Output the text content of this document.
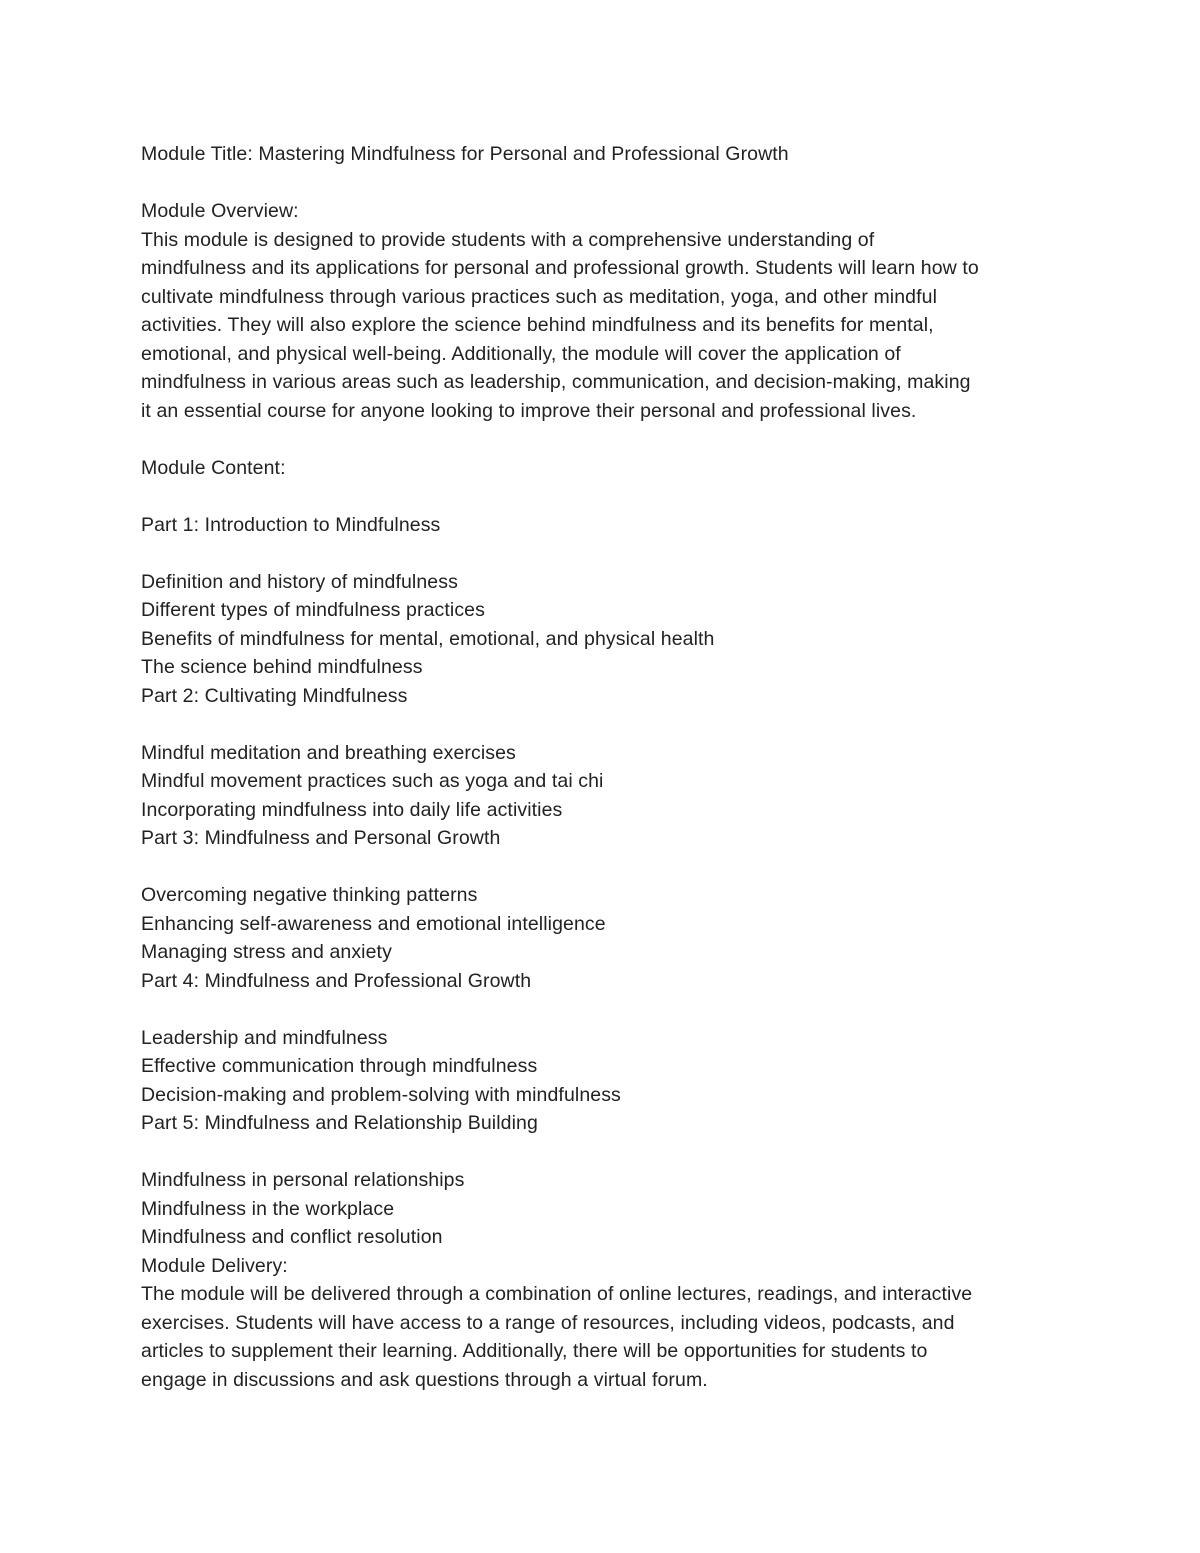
Module Title: Mastering Mindfulness for Personal and Professional Growth
Module Overview:
This module is designed to provide students with a comprehensive understanding of
mindfulness and its applications for personal and professional growth. Students will learn how to
cultivate mindfulness through various practices such as meditation, yoga, and other mindful
activities. They will also explore the science behind mindfulness and its benefits for mental,
emotional, and physical well-being. Additionally, the module will cover the application of
mindfulness in various areas such as leadership, communication, and decision-making, making
it an essential course for anyone looking to improve their personal and professional lives.
Module Content:
Part 1: Introduction to Mindfulness
Definition and history of mindfulness
Different types of mindfulness practices
Benefits of mindfulness for mental, emotional, and physical health
The science behind mindfulness
Part 2: Cultivating Mindfulness
Mindful meditation and breathing exercises
Mindful movement practices such as yoga and tai chi
Incorporating mindfulness into daily life activities
Part 3: Mindfulness and Personal Growth
Overcoming negative thinking patterns
Enhancing self-awareness and emotional intelligence
Managing stress and anxiety
Part 4: Mindfulness and Professional Growth
Leadership and mindfulness
Effective communication through mindfulness
Decision-making and problem-solving with mindfulness
Part 5: Mindfulness and Relationship Building
Mindfulness in personal relationships
Mindfulness in the workplace
Mindfulness and conflict resolution
Module Delivery:
The module will be delivered through a combination of online lectures, readings, and interactive
exercises. Students will have access to a range of resources, including videos, podcasts, and
articles to supplement their learning. Additionally, there will be opportunities for students to
engage in discussions and ask questions through a virtual forum.
